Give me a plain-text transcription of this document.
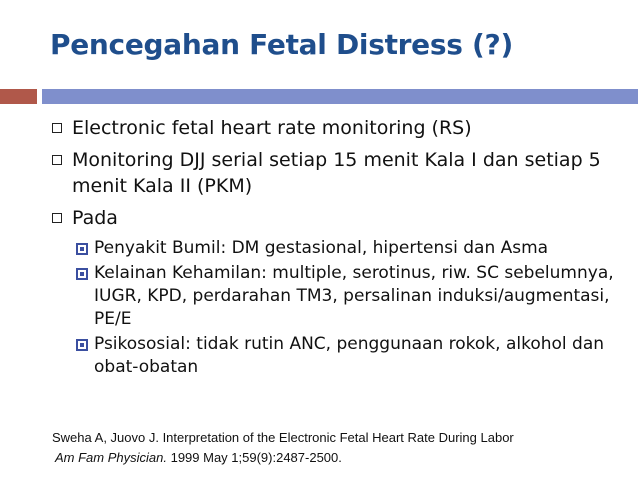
Pencegahan Fetal Distress (?)
Electronic fetal heart rate monitoring (RS)
Monitoring DJJ serial setiap 15 menit Kala I dan setiap 5 menit Kala II (PKM)
Pada
Penyakit Bumil: DM gestasional, hipertensi dan Asma
Kelainan Kehamilan: multiple, serotinus, riw. SC sebelumnya, IUGR, KPD, perdarahan TM3, persalinan induksi/augmentasi, PE/E
Psikososial: tidak rutin ANC, penggunaan rokok, alkohol dan obat-obatan
Sweha A, Juovo J. Interpretation of the Electronic Fetal Heart Rate During Labor
Am Fam Physician. 1999 May 1;59(9):2487-2500.
